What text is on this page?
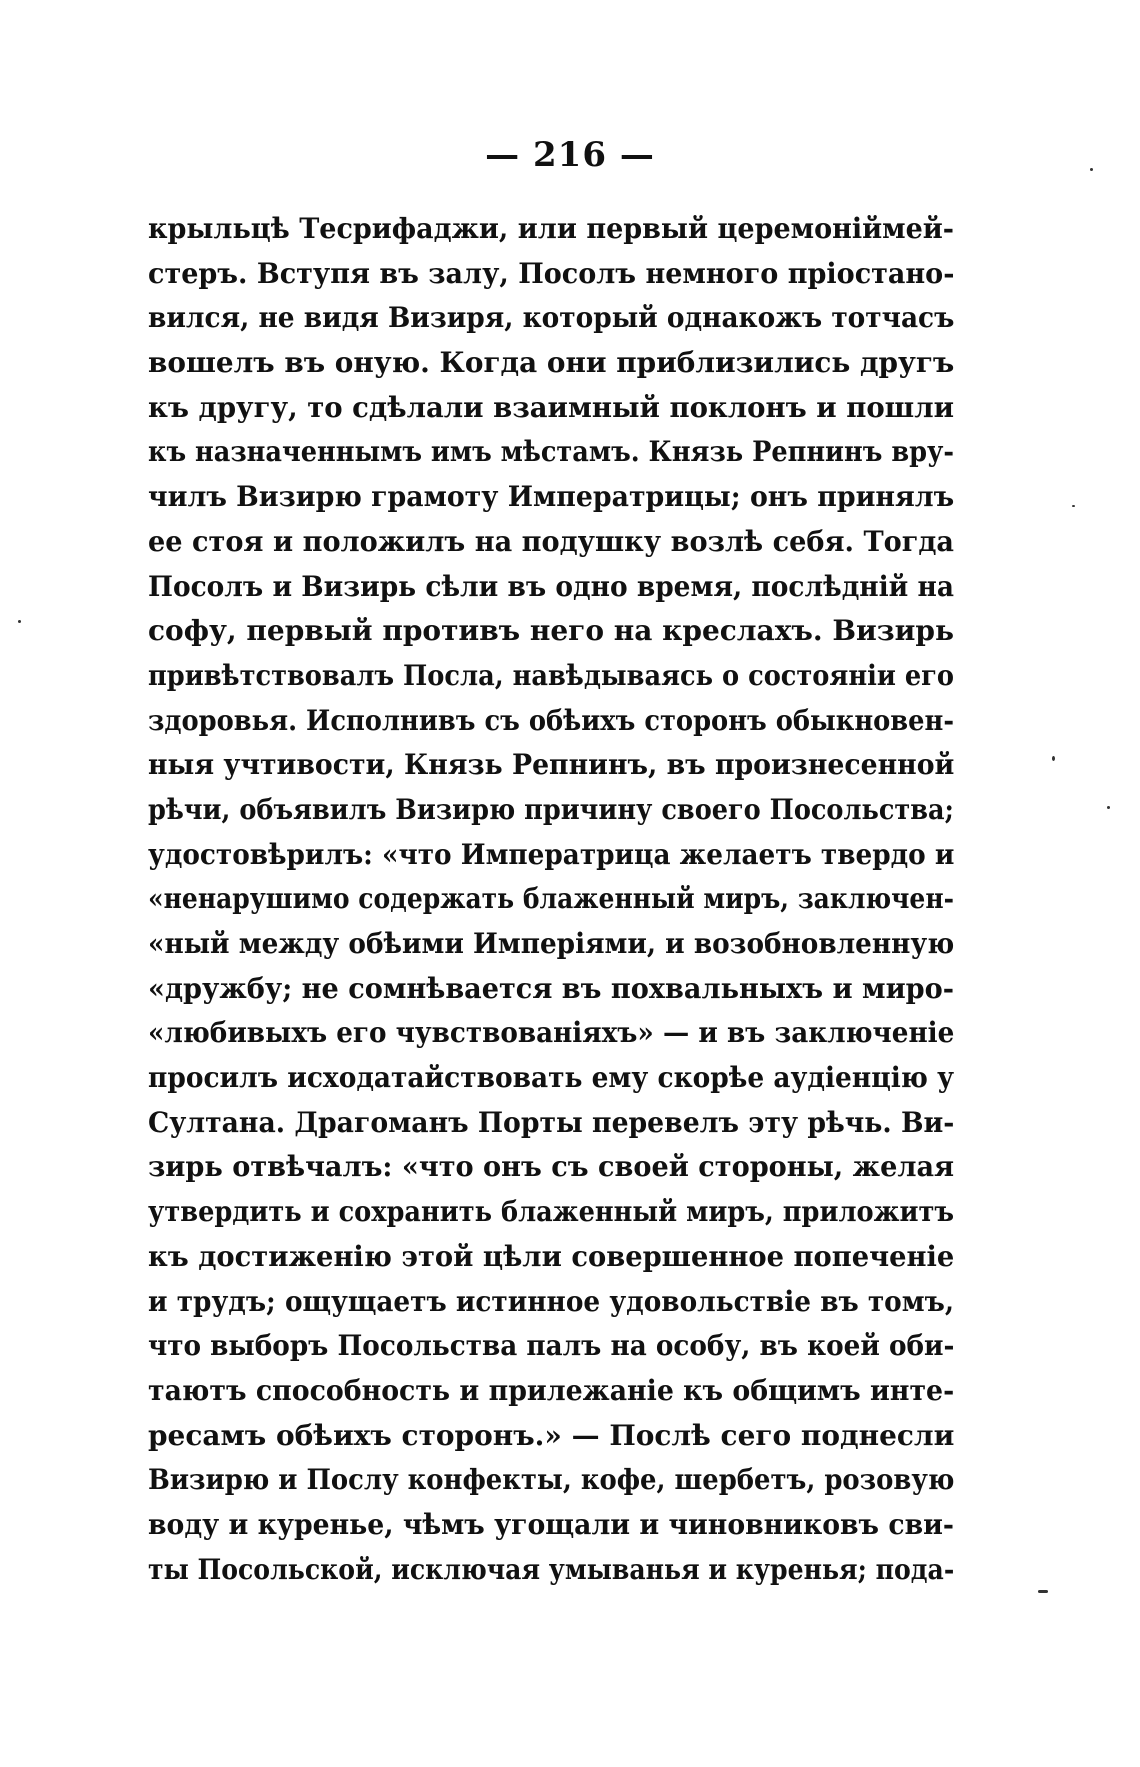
— 216 —
крыльцѣ Тесрифаджи, или первый церемоніймей-
стеръ. Вступя въ залу, Посолъ немного пріостано-
вился, не видя Визиря, который однакожъ тотчасъ
вошелъ въ оную. Когда они приблизились другъ
къ другу, то сдѣлали взаимный поклонъ и пошли
къ назначеннымъ имъ мѣстамъ. Князь Репнинъ вру-
чилъ Визирю грамоту Императрицы; онъ принялъ
ее стоя и положилъ на подушку возлѣ себя. Тогда
Посолъ и Визирь сѣли въ одно время, послѣдній на
софу, первый противъ него на креслахъ. Визирь
привѣтствовалъ Посла, навѣдываясь о состояніи его
здоровья. Исполнивъ съ обѣихъ сторонъ обыкновен-
ныя учтивости, Князь Репнинъ, въ произнесенной
рѣчи, объявилъ Визирю причину своего Посольства;
удостовѣрилъ: «что Императрица желаетъ твердо и
«ненарушимо содержать блаженный миръ, заключен-
«ный между обѣими Имперіями, и возобновленную
«дружбу; не сомнѣвается въ похвальныхъ и миро-
«любивыхъ его чувствованіяхъ» — и въ заключеніе
просилъ исходатайствовать ему скорѣе аудіенцію у
Султана. Драгоманъ Порты перевелъ эту рѣчь. Ви-
зирь отвѣчалъ: «что онъ съ своей стороны, желая
утвердить и сохранить блаженный миръ, приложитъ
къ достиженію этой цѣли совершенное попеченіе
и трудъ; ощущаетъ истинное удовольствіе въ томъ,
что выборъ Посольства палъ на особу, въ коей оби-
таютъ способность и прилежаніе къ общимъ инте-
ресамъ обѣихъ сторонъ.» — Послѣ сего поднесли
Визирю и Послу конфекты, кофе, шербетъ, розовую
воду и куренье, чѣмъ угощали и чиновниковъ сви-
ты Посольской, исключая умыванья и куренья; пода-
